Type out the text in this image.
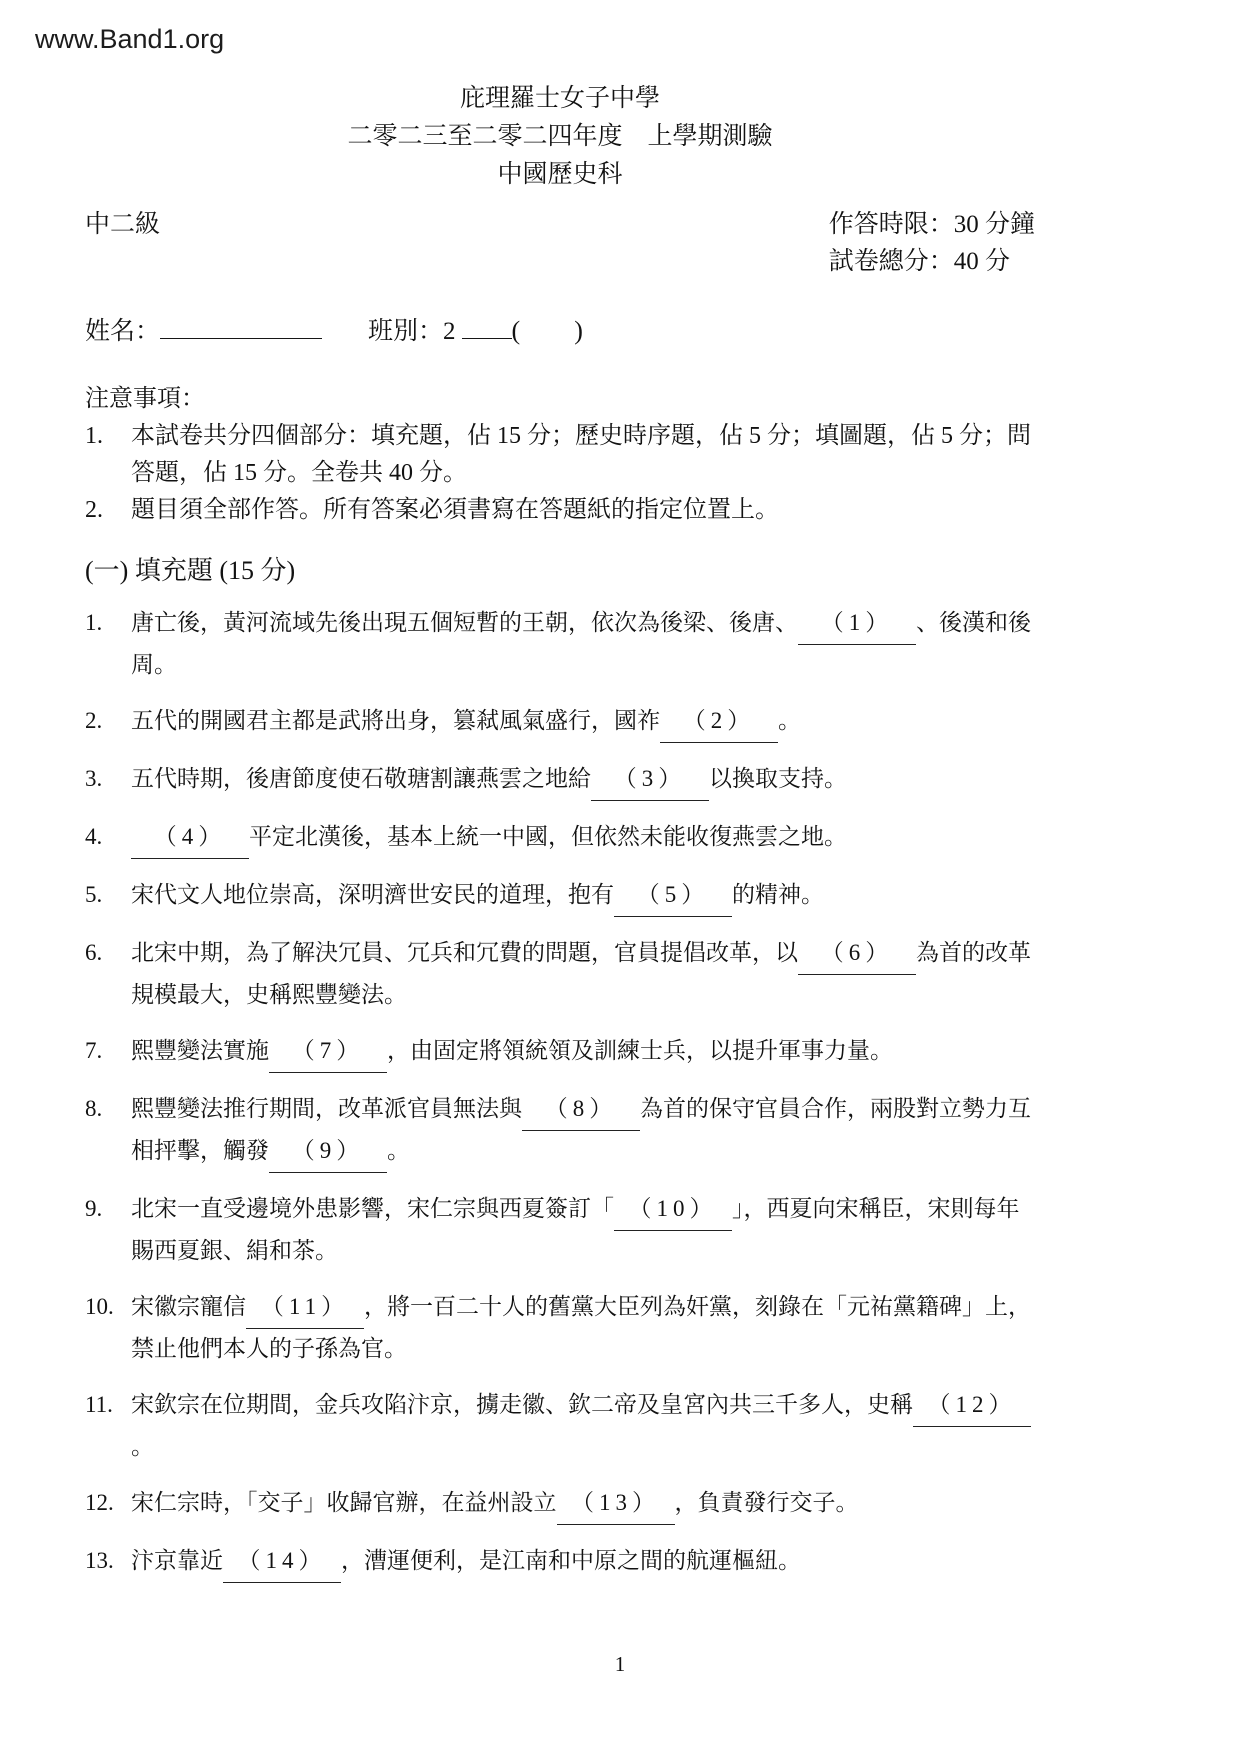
www.Band1.org
庇理羅士女子中學
二零二三至二零二四年度　上學期測驗
中國歷史科
中二級	作答時限：30 分鐘
試卷總分：40 分
姓名：	班別：2 ( )
注意事項：
1.	本試卷共分四個部分：填充題，佔 15 分；歷史時序題，佔 5 分；填圖題，佔 5 分；問答題，佔 15 分。全卷共 40 分。
2.	題目須全部作答。所有答案必須書寫在答題紙的指定位置上。
(一) 填充題 (15 分)
1.	唐亡後，黃河流域先後出現五個短暫的王朝，依次為後梁、後唐、 （1） 、後漢和後周。
2.	五代的開國君主都是武將出身，篡弒風氣盛行，國祚 （2） 。
3.	五代時期，後唐節度使石敬瑭割讓燕雲之地給 （3） 以換取支持。
4.	（4） 平定北漢後，基本上統一中國，但依然未能收復燕雲之地。
5.	宋代文人地位崇高，深明濟世安民的道理，抱有 （5） 的精神。
6.	北宋中期，為了解決冗員、冗兵和冗費的問題，官員提倡改革，以 （6） 為首的改革規模最大，史稱熙豐變法。
7.	熙豐變法實施 （7） ，由固定將領統領及訓練士兵，以提升軍事力量。
8.	熙豐變法推行期間，改革派官員無法與 （8） 為首的保守官員合作，兩股對立勢力互相抨擊，觸發 （9） 。
9.	北宋一直受邊境外患影響，宋仁宗與西夏簽訂「 （10） 」，西夏向宋稱臣，宋則每年賜西夏銀、絹和茶。
10. 宋徽宗寵信 （11） ，將一百二十人的舊黨大臣列為奸黨，刻錄在「元祐黨籍碑」上，禁止他們本人的子孫為官。
11. 宋欽宗在位期間，金兵攻陷汴京，擄走徽、欽二帝及皇宮內共三千多人，史稱 （12）。
12. 宋仁宗時，「交子」收歸官辦，在益州設立 （13） ，負責發行交子。
13. 汴京靠近 （14） ，漕運便利，是江南和中原之間的航運樞紐。
1
